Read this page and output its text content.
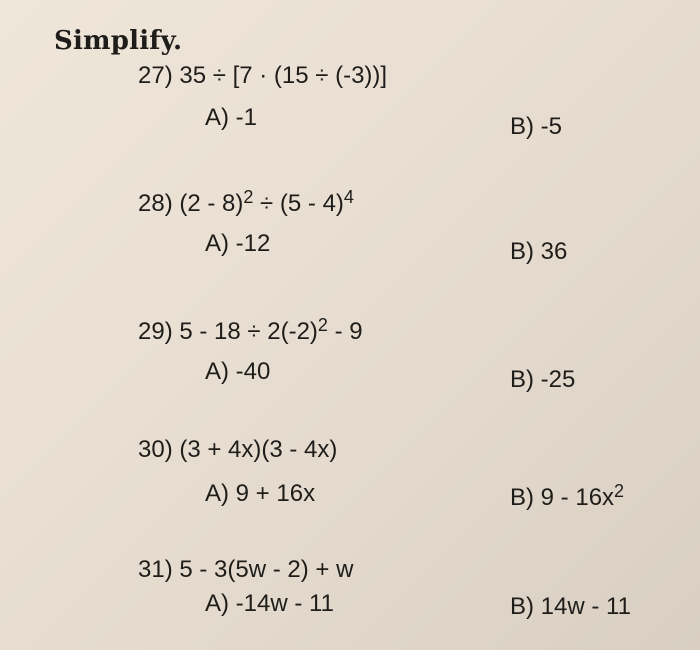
Simplify.
27) 35 ÷ [7 · (15 ÷ (-3))]
A) -1	B) -5
28) (2 - 8)$^2$ ÷ (5 - 4)$^4$
A) -12	B) 36
29) $5 - 18 \div 2(-2)^2 - 9$
A) -40	B) -25
30) (3 + 4x)(3 - 4x)
A) 9 + 16x	B) $9 - 16x^2$
31) 5 - 3(5w - 2) + w
A) -14w - 11	B) 14w - 11
